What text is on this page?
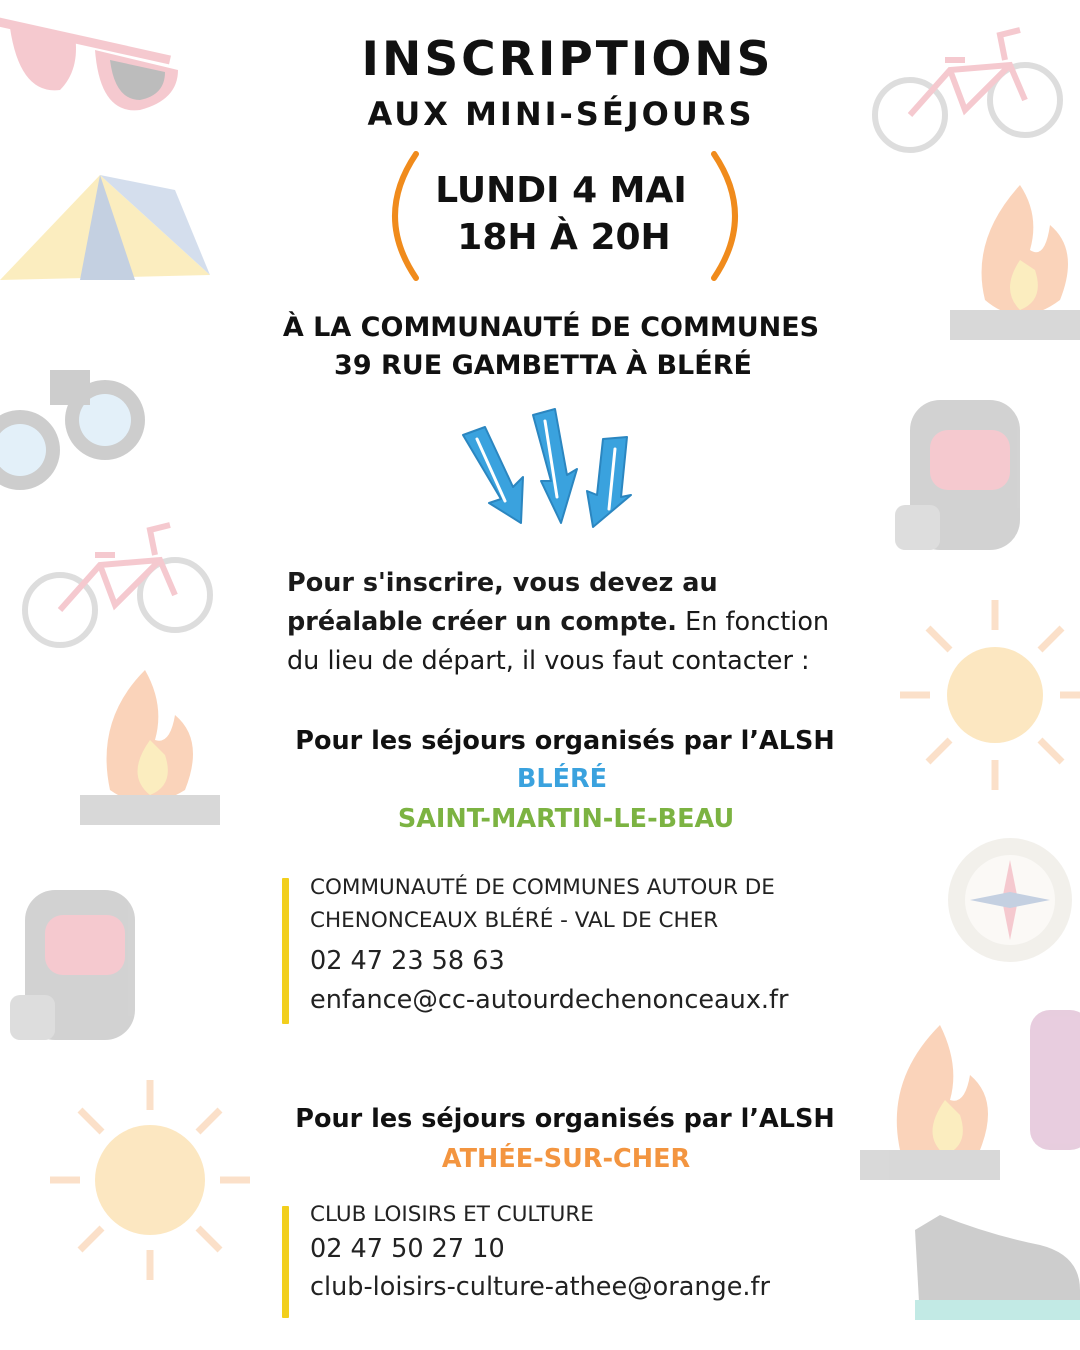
INSCRIPTIONS
AUX MINI-SÉJOURS
LUNDI 4 MAI
18H À 20H
À LA COMMUNAUTÉ DE COMMUNES
39 RUE GAMBETTA À BLÉRÉ
Pour s'inscrire, vous devez au préalable créer un compte. En fonction du lieu de départ, il vous faut contacter :
Pour les séjours organisés par l’ALSH
BLÉRÉ
SAINT-MARTIN-LE-BEAU
COMMUNAUTÉ DE COMMUNES AUTOUR DE
CHENONCEAUX BLÉRÉ - VAL DE CHER
02 47 23 58 63
enfance@cc-autourdechenonceaux.fr
Pour les séjours organisés par l’ALSH
ATHÉE-SUR-CHER
CLUB LOISIRS ET CULTURE
02 47 50 27 10
club-loisirs-culture-athee@orange.fr
